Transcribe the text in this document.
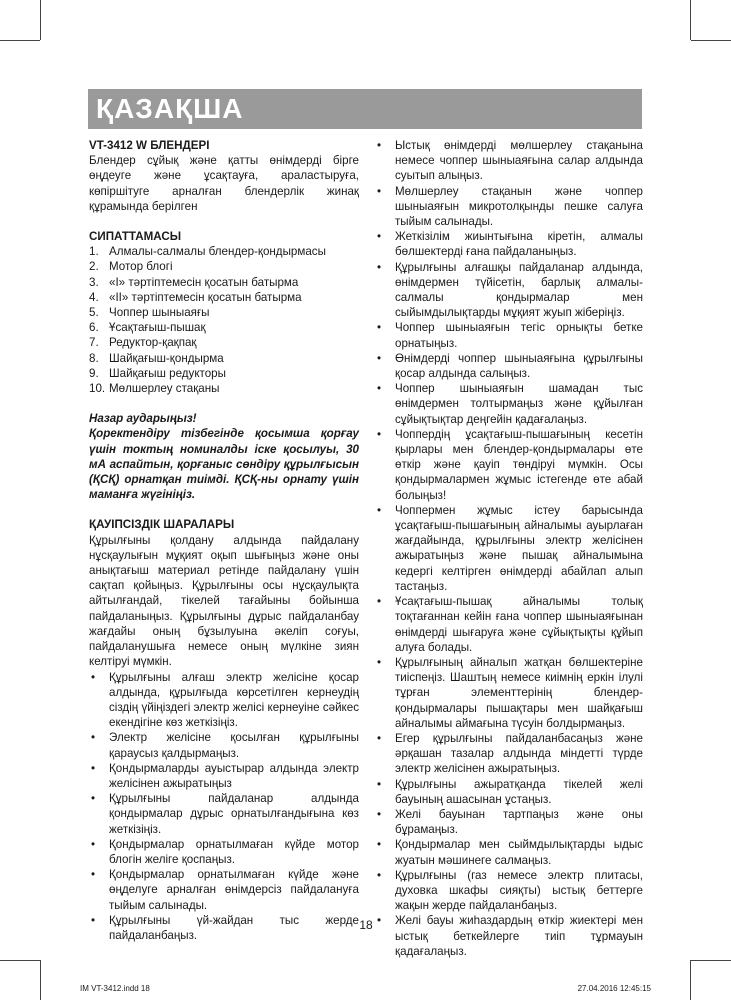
ҚАЗАҚША

VT-3412 W БЛЕНДЕРІ

Блендер сұйық және қатты өнімдерді бірге өңдеуге және ұсақтауға, араластыруға, көпіршітуге арналған блендерлік жинақ құрамында берілген

СИПАТТАМАСЫ

1. Алмалы-салмалы блендер-қондырмасы
2. Мотор блогі
3. «I» тәртіптемесін қосатын батырма
4. «II» тәртіптемесін қосатын батырма
5. Чоппер шыныаяғы
6. Ұсақтағыш-пышақ
7. Редуктор-қақпақ
8. Шайқағыш-қондырма
9. Шайқағыш редукторы
10. Мөлшерлеу стақаны

Назар аударыңыз!

Қоректендіру тізбегінде қосымша қорғау үшін токтың номиналды іске қосылуы, 30 мА аспайтын, қорғаныс сөндіру құрылғысын (ҚСҚ) орнатқан тиімді. ҚСҚ-ны орнату үшін маманға жүгініңіз.

ҚАУІПСІЗДІК ШАРАЛАРЫ

Құрылғыны қолдану алдында пайдалану нұсқаулығын мұқият оқып шығыңыз және оны анықтағыш материал ретінде пайдалану үшін сақтап қойыңыз. Құрылғыны осы нұсқаулықта айтылғандай, тікелей тағайыны бойынша пайдаланыңыз. Құрылғыны дұрыс пайдаланбау жағдайы оның бұзылуына әкеліп соғуы, пайдаланушыға немесе оның мүлкіне зиян келтіруі мүмкін.

• Құрылғыны алғаш электр желісіне қосар алдында, құрылғыда көрсетілген кернеудің сіздің үйіңіздегі электр желісі кернеуіне сәйкес екендігіне көз жеткізіңіз.
• Электр желісіне қосылған құрылғыны қараусыз қалдырмаңыз.
• Қондырмаларды ауыстырар алдында электр желісінен ажыратыңыз
• Құрылғыны пайдаланар алдында қондырмалар дұрыс орнатылғандығына көз жеткізіңіз.
• Қондырмалар орнатылмаған күйде мотор блогін желіге қоспаңыз.
• Қондырмалар орнатылмаған күйде және өңделуге арналған өнімдерсіз пайдалануға тыйым салынады.
• Құрылғыны үй-жайдан тыс жерде пайдаланбаңыз.
• Ыстық өнімдерді мөлшерлеу стақанына немесе чоппер шыныаяғына салар алдында суытып алыңыз.
• Мөлшерлеу стақанын және чоппер шыныаяғын микротолқынды пешке салуға тыйым салынады.
• Жеткізілім жиынтығына кіретін, алмалы бөлшектерді ғана пайдаланыңыз.
• Құрылғыны алғашқы пайдаланар алдында, өнімдермен түйісетін, барлық алмалы-салмалы қондырмалар мен сыйымдылықтарды мұқият жуып жіберіңіз.
• Чоппер шыныаяғын тегіс орнықты бетке орнатыңыз.
• Өнімдерді чоппер шыныаяғына құрылғыны қосар алдында салыңыз.
• Чоппер шыныаяғын шамадан тыс өнімдермен толтырмаңыз және құйылған сұйықтықтар деңгейін қадағалаңыз.
• Чоппердің ұсақтағыш-пышағының кесетін қырлары мен блендер-қондырмалары өте өткір және қауіп төндіруі мүмкін. Осы қондырмалармен жұмыс істегенде өте абай болыңыз!
• Чоппермен жұмыс істеу барысында ұсақтағыш-пышағының айналымы ауырлаған жағдайында, құрылғыны электр желісінен ажыратыңыз және пышақ айналымына кедергі келтірген өнімдерді абайлап алып тастаңыз.
• Ұсақтағыш-пышақ айналымы толық тоқтағаннан кейін ғана чоппер шыныаяғынан өнімдерді шығаруға және сұйықтықты құйып алуға болады.
• Құрылғының айналып жатқан бөлшектеріне тиіспеңіз. Шаштың немесе киімнің еркін ілулі тұрған элементтерінің блендер-қондырмалары пышақтары мен шайқағыш айналымы аймағына түсуін болдырмаңыз.
• Егер құрылғыны пайдаланбасаңыз және әрқашан тазалар алдында міндетті түрде электр желісінен ажыратыңыз.
• Құрылғыны ажыратқанда тікелей желі бауының ашасынан ұстаңыз.
• Желі бауынан тартпаңыз және оны бұрамаңыз.
• Қондырмалар мен сыймдылықтарды ыдыс жуатын мәшинеге салмаңыз.
• Құрылғыны (газ немесе электр плитасы, духовка шкафы сияқты) ыстық беттерге жақын жерде пайдаланбаңыз.
• Желі бауы жиhаздардың өткір жиектері мен ыстық беткейлерге тиіп тұрмауын қадағалаңыз.
18
IM VT-3412.indd 18	27.04.2016 12:45:15
